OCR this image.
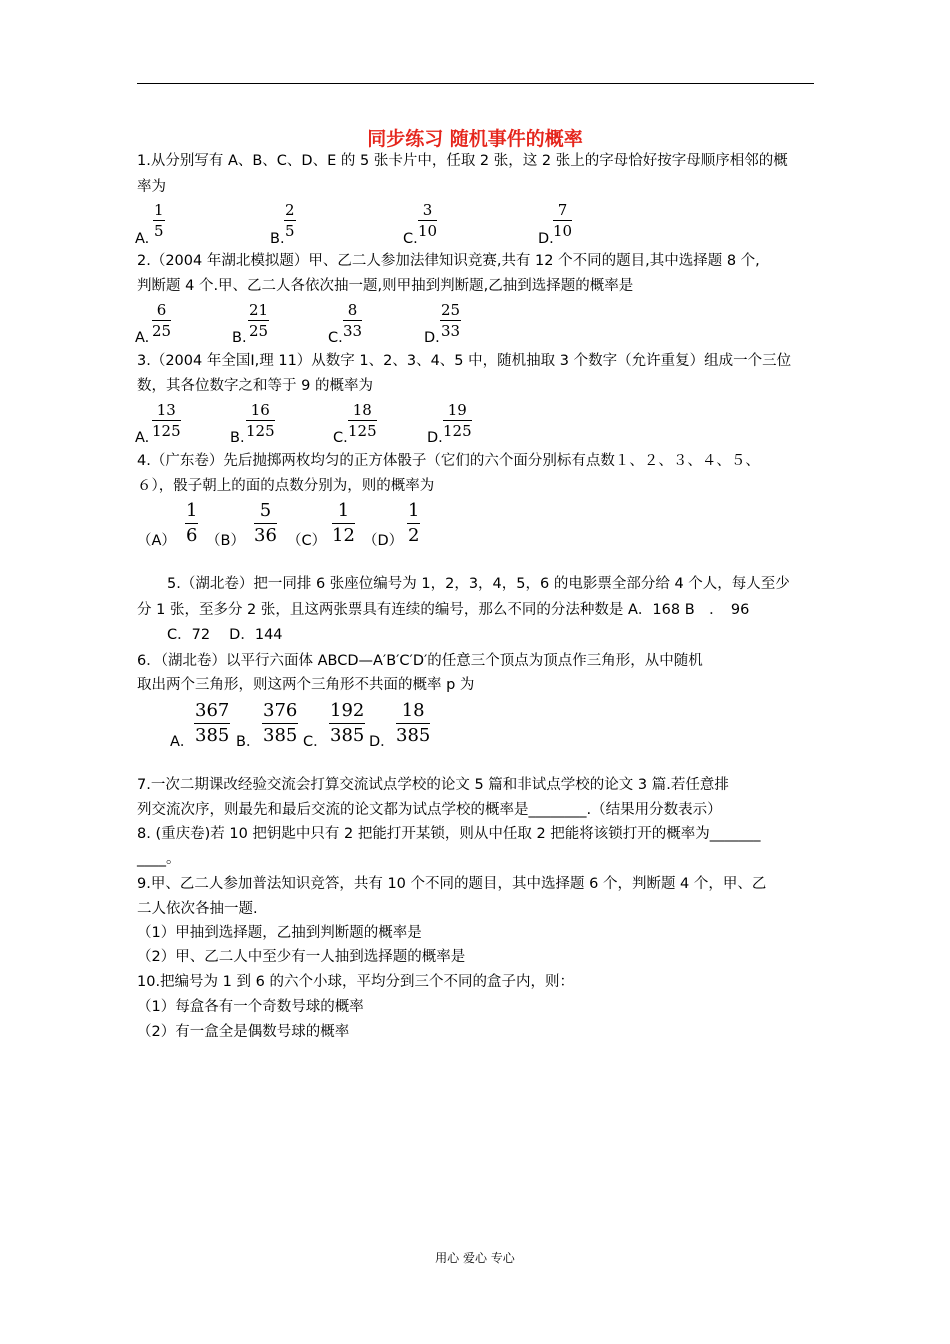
同步练习 随机事件的概率
1.从分别写有 A、B、C、D、E 的 5 张卡片中，任取 2 张，这 2 张上的字母恰好按字母顺序相邻的概
率为
A. $\frac{1}{5}$	B. $\frac{2}{5}$	C. $\frac{3}{10}$	D. $\frac{7}{10}$
2.（2004 年湖北模拟题）甲、乙二人参加法律知识竞赛,共有 12 个不同的题目,其中选择题 8 个,
判断题 4 个.甲、乙二人各依次抽一题,则甲抽到判断题,乙抽到选择题的概率是
A. $\frac{6}{25}$	B. $\frac{21}{25}$	C. $\frac{8}{33}$	D. $\frac{25}{33}$
3.（2004 年全国Ⅰ,理 11）从数字 1、2、3、4、5 中，随机抽取 3 个数字（允许重复）组成一个三位
数，其各位数字之和等于 9 的概率为
A. $\frac{13}{125}$	B. $\frac{16}{125}$	C. $\frac{18}{125}$	D. $\frac{19}{125}$
4.（广东卷）先后抛掷两枚均匀的正方体骰子（它们的六个面分别标有点数１、２、３、４、５、
６），骰子朝上的面的点数分别为，则的概率为
$(A) \frac{1}{6} (B) \frac{5}{36} (C) \frac{1}{12} (D) \frac{1}{2}$
5.（湖北卷）把一同排 6 张座位编号为 1，2，3，4，5，6 的电影票全部分给 4 个人，每人至少
分 1 张，至多分 2 张，且这两张票具有连续的编号，那么不同的分法种数是 A．168 B　．　96
C．72　 D．144
6．（湖北卷）以平行六面体 ABCD—A′B′C′D′的任意三个顶点为顶点作三角形，从中随机
取出两个三角形，则这两个三角形不共面的概率 p 为
A． $\frac{367}{385}$ B． $\frac{376}{385}$ C． $\frac{192}{385}$ D． $\frac{18}{385}$
7.一次二期课改经验交流会打算交流试点学校的论文 5 篇和非试点学校的论文 3 篇.若任意排
列交流次序，则最先和最后交流的论文都为试点学校的概率是________.（结果用分数表示）
8. (重庆卷)若 10 把钥匙中只有 2 把能打开某锁，则从中任取 2 把能将该锁打开的概率为_______
____。
9.甲、乙二人参加普法知识竞答，共有 10 个不同的题目，其中选择题 6 个，判断题 4 个，甲、乙
二人依次各抽一题.
（1）甲抽到选择题，乙抽到判断题的概率是
（2）甲、乙二人中至少有一人抽到选择题的概率是
10.把编号为 1 到 6 的六个小球，平均分到三个不同的盒子内，则：
（1）每盒各有一个奇数号球的概率
（2）有一盒全是偶数号球的概率
用心 爱心 专心
